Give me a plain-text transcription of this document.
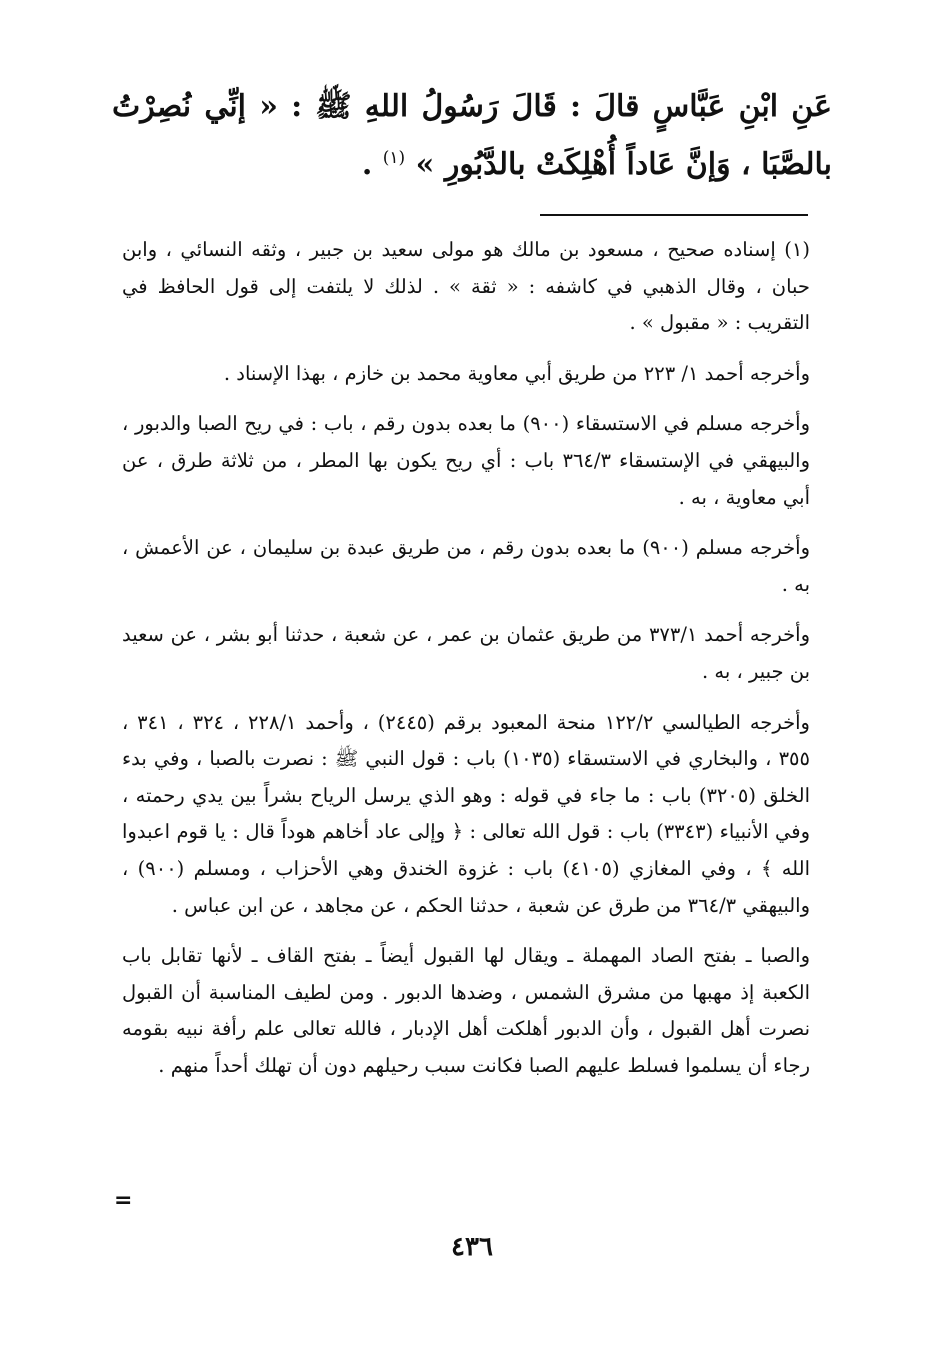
عَنِ ابْنِ عَبَّاسٍ قالَ : قَالَ رَسُولُ اللهِ ﷺ : « إنِّي نُصِرْتُ بالصَّبَا ، وَإنَّ عَاداً أُهْلِكَتْ بالدَّبُورِ » $^{(١)}$ .

(١) إسناده صحيح ، مسعود بن مالك هو مولى سعيد بن جبير ، وثقه النسائي ، وابن حبان ، وقال الذهبي في كاشفه : « ثقة » . لذلك لا يلتفت إلى قول الحافظ في التقريب : « مقبول » .

وأخرجه أحمد ١/ ٢٢٣ من طريق أبي معاوية محمد بن خازم ، بهذا الإسناد .

وأخرجه مسلم في الاستسقاء (٩٠٠) ما بعده بدون رقم ، باب : في ريح الصبا والدبور ، والبيهقي في الإستسقاء ٣٦٤/٣ باب : أي ريح يكون بها المطر ، من ثلاثة طرق ، عن أبي معاوية ، به .

وأخرجه مسلم (٩٠٠) ما بعده بدون رقم ، من طريق عبدة بن سليمان ، عن الأعمش ، به .

وأخرجه أحمد ٣٧٣/١ من طريق عثمان بن عمر ، عن شعبة ، حدثنا أبو بشر ، عن سعيد بن جبير ، به .

وأخرجه الطيالسي ١٢٢/٢ منحة المعبود برقم (٢٤٤٥) ، وأحمد ٢٢٨/١ ، ٣٢٤ ، ٣٤١ ، ٣٥٥ ، والبخاري في الاستسقاء (١٠٣٥) باب : قول النبي ﷺ : نصرت بالصبا ، وفي بدء الخلق (٣٢٠٥) باب : ما جاء في قوله : وهو الذي يرسل الرياح بشراً بين يدي رحمته ، وفي الأنبياء (٣٣٤٣) باب : قول الله تعالى : ﴿ وإلى عاد أخاهم هوداً قال : يا قوم اعبدوا الله ﴾ ، وفي المغازي (٤١٠٥) باب : غزوة الخندق وهي الأحزاب ، ومسلم (٩٠٠) ، والبيهقي ٣٦٤/٣ من طرق عن شعبة ، حدثنا الحكم ، عن مجاهد ، عن ابن عباس .

والصبا ـ بفتح الصاد المهملة ـ ويقال لها القبول أيضاً ـ بفتح القاف ـ لأنها تقابل باب الكعبة إذ مهبها من مشرق الشمس ، وضدها الدبور . ومن لطيف المناسبة أن القبول نصرت أهل القبول ، وأن الدبور أهلكت أهل الإدبار ، فالله تعالى علم رأفة نبيه بقومه رجاء أن يسلموا فسلط عليهم الصبا فكانت سبب رحيلهم دون أن تهلك أحداً منهم .

=
٤٣٦
